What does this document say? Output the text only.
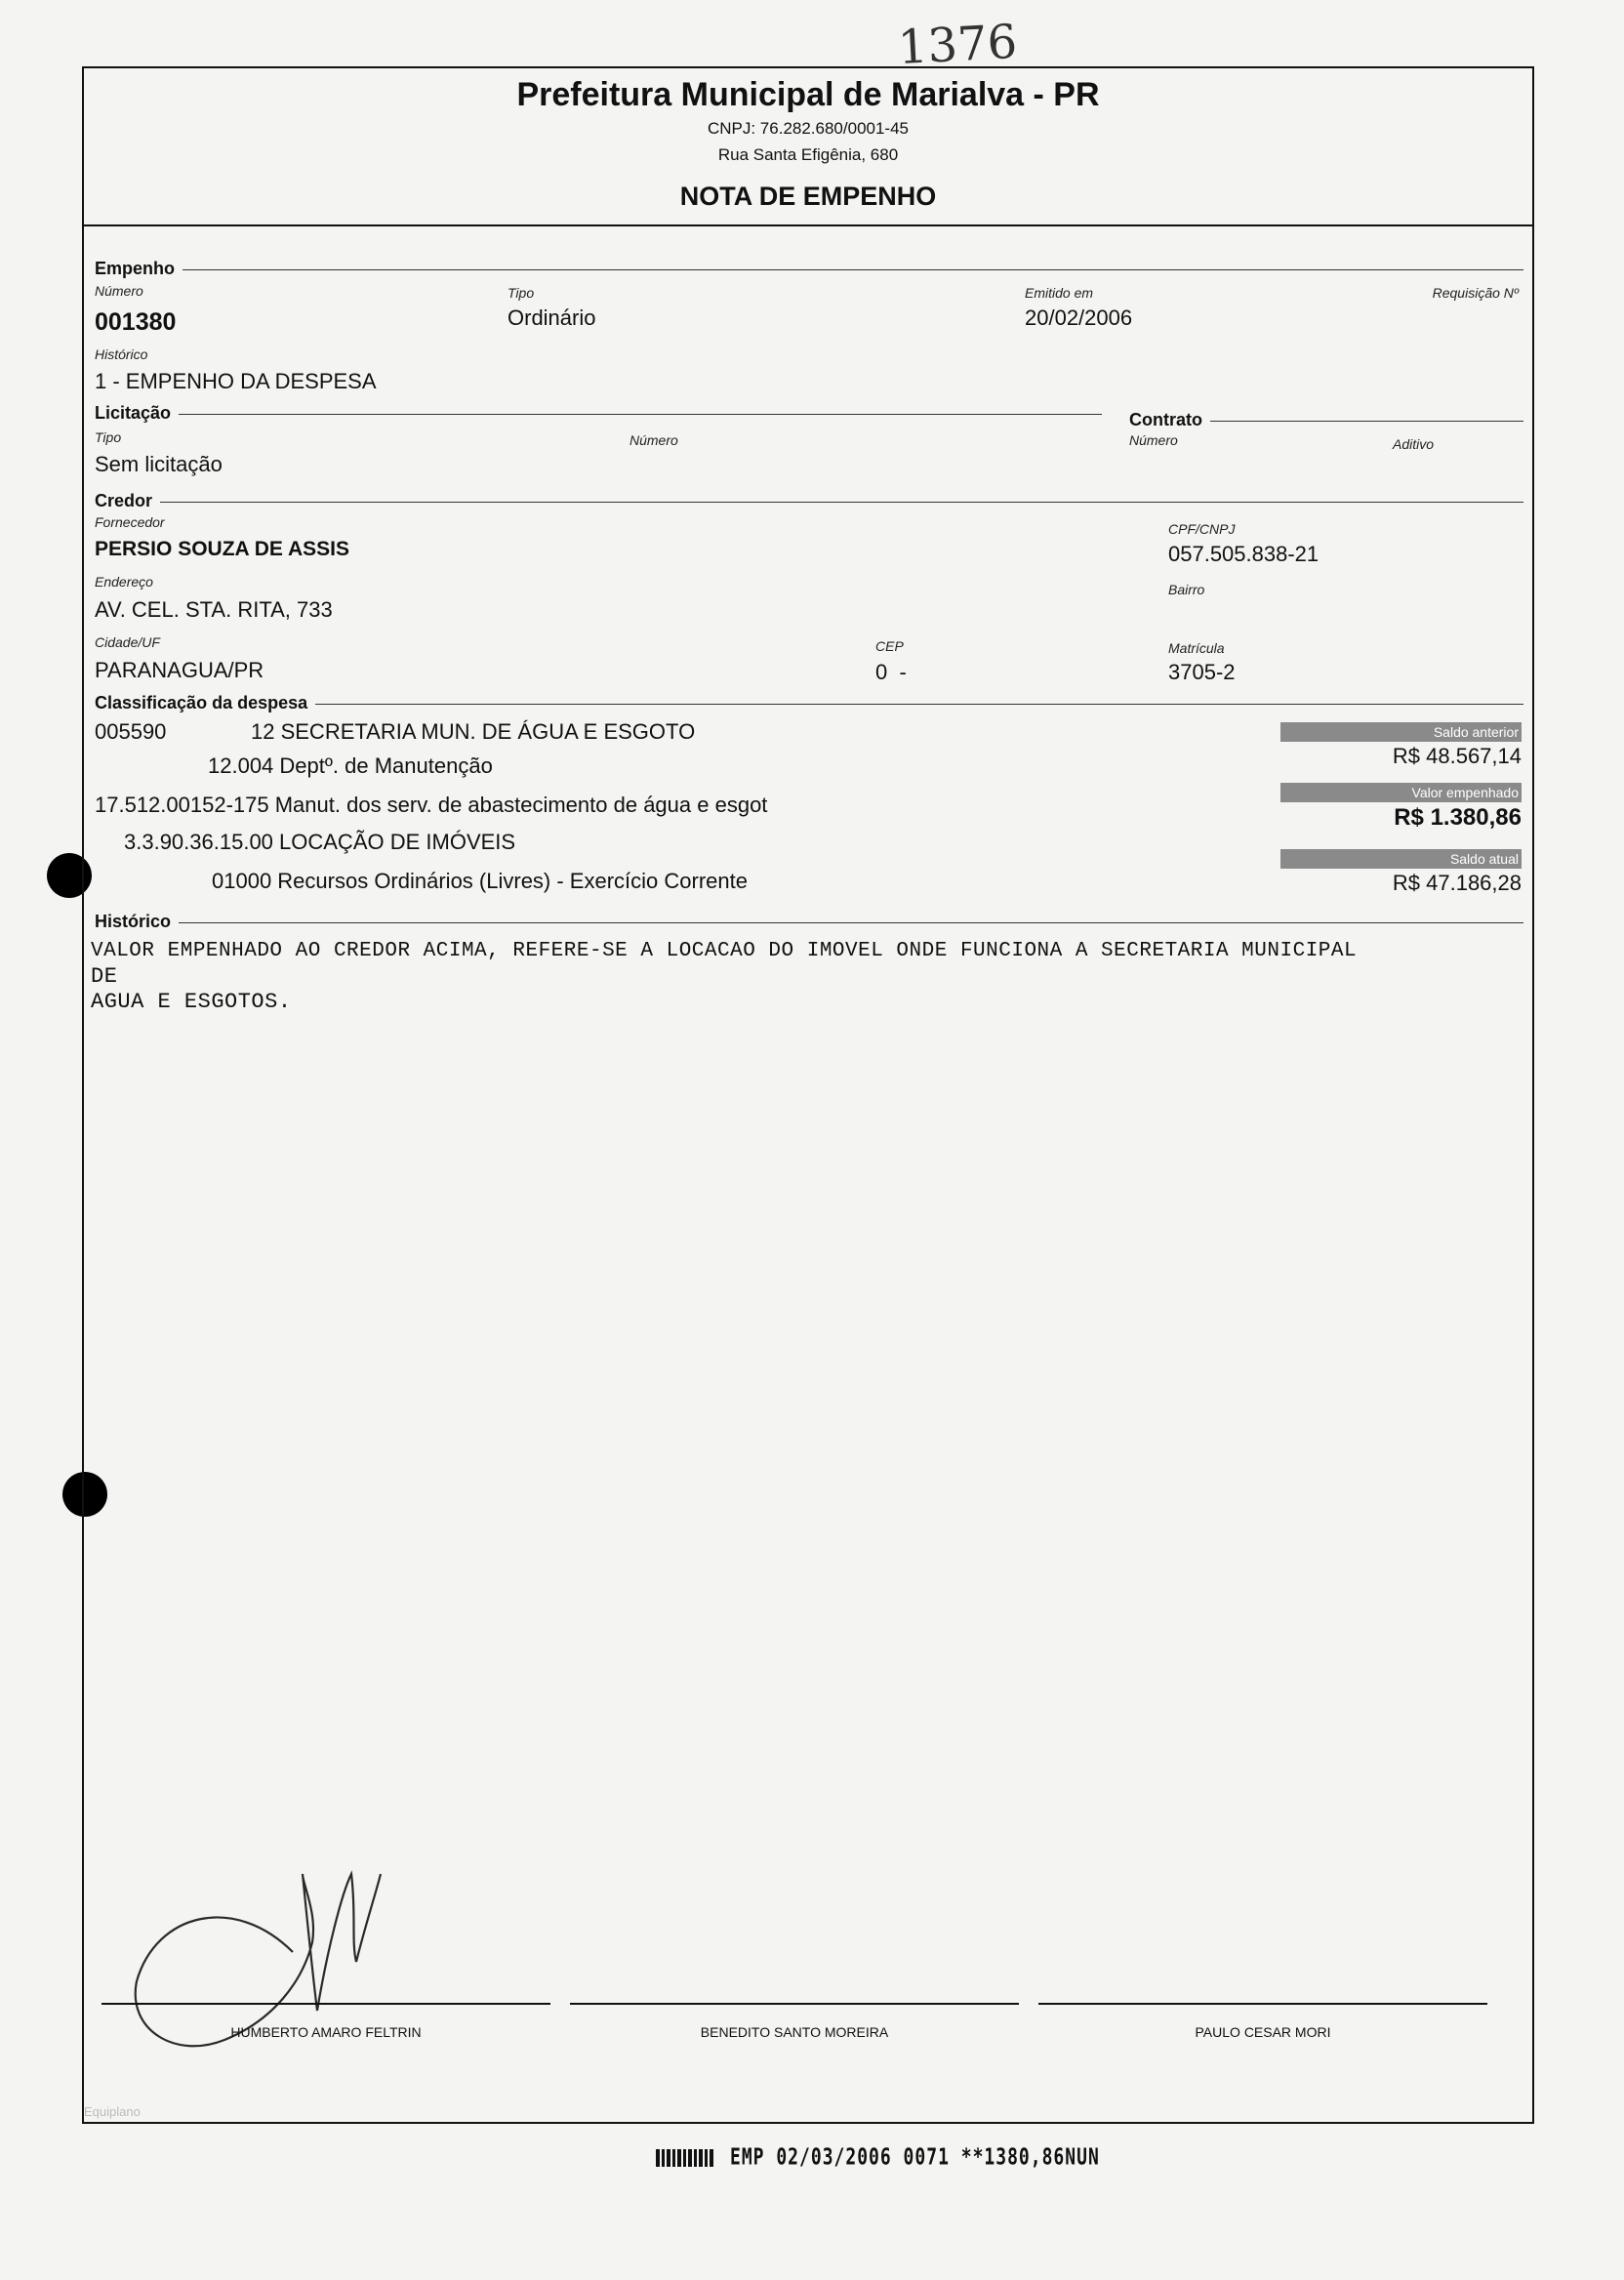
1376
Prefeitura Municipal de Marialva - PR
CNPJ: 76.282.680/0001-45
Rua Santa Efigênia, 680
NOTA DE EMPENHO
Empenho
Número
001380
Tipo
Ordinário
Emitido em
20/02/2006
Requisição Nº
Histórico
1 - EMPENHO DA DESPESA
Licitação	Contrato
Tipo
Sem licitação
Número	Número	Aditivo
Credor
Fornecedor
PERSIO SOUZA DE ASSIS
CPF/CNPJ
057.505.838-21
Endereço
AV. CEL. STA. RITA, 733
Bairro
Cidade/UF
PARANAGUA/PR
CEP
0  -
Matrícula
3705-2
Classificação da despesa
005590	12 SECRETARIA MUN. DE ÁGUA E ESGOTO
12.004 Deptº. de Manutenção
17.512.00152-175 Manut. dos serv. de abastecimento de água e esgot
3.3.90.36.15.00 LOCAÇÃO DE IMÓVEIS
01000 Recursos Ordinários (Livres) - Exercício Corrente
Saldo anterior
R$ 48.567,14
Valor empenhado
R$ 1.380,86
Saldo atual
R$ 47.186,28
Histórico
VALOR EMPENHADO AO CREDOR ACIMA, REFERE-SE A LOCACAO DO IMOVEL ONDE FUNCIONA A SECRETARIA MUNICIPAL
DE
AGUA E ESGOTOS.
HUMBERTO AMARO FELTRIN	BENEDITO SANTO MOREIRA	PAULO CESAR MORI
Equiplano
EMP 02/03/2006 0071 **1380,86NUN
